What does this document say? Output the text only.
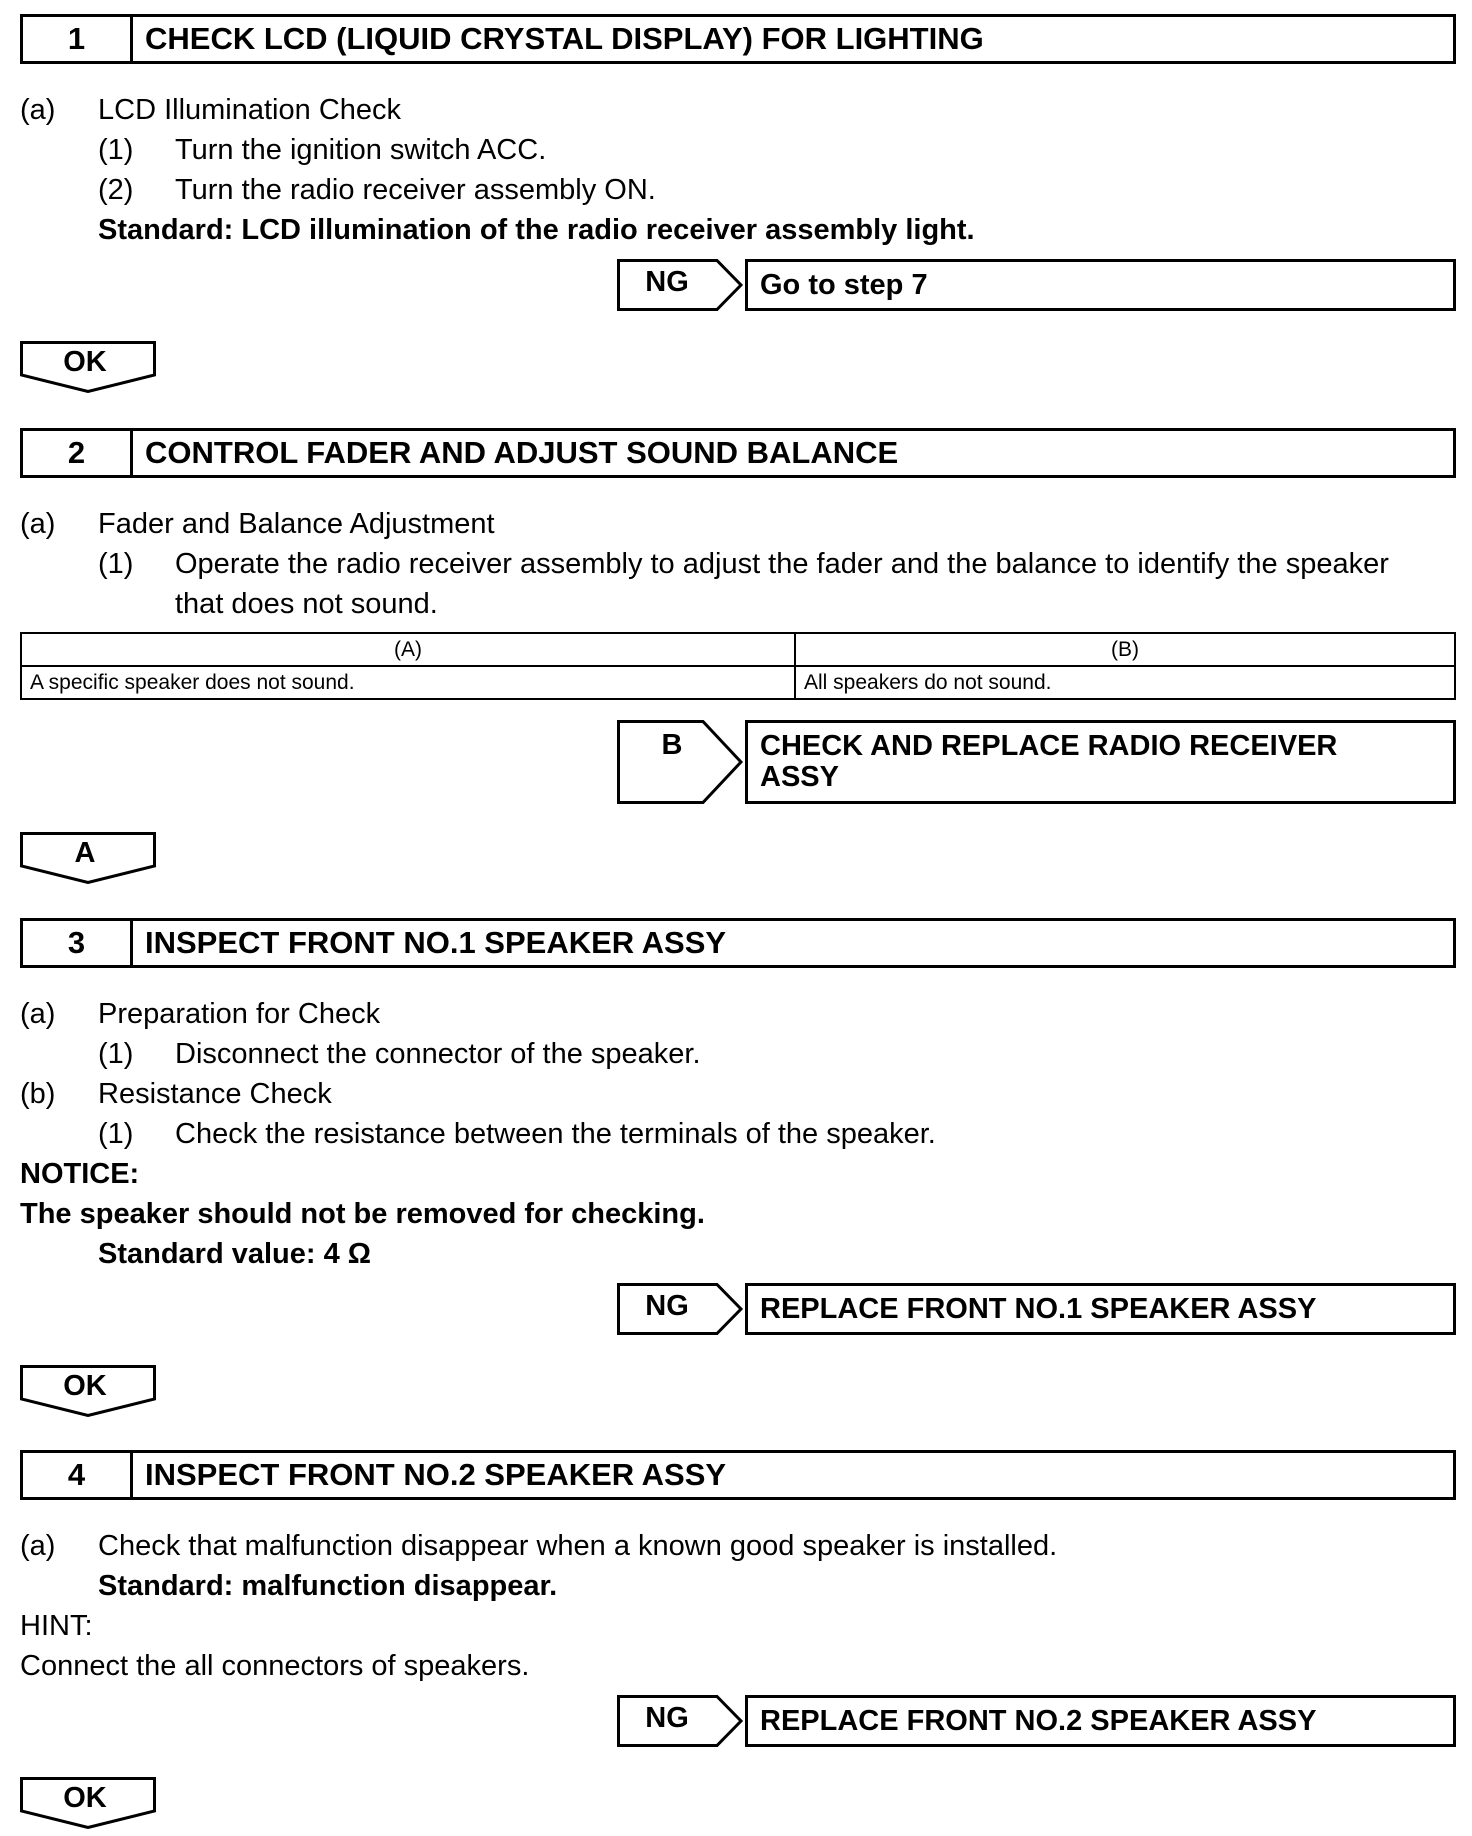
1	CHECK LCD (LIQUID CRYSTAL DISPLAY) FOR LIGHTING
(a) LCD Illumination Check
(1) Turn the ignition switch ACC.
(2) Turn the radio receiver assembly ON.
Standard: LCD illumination of the radio receiver assembly light.
NG	Go to step 7
OK
2	CONTROL FADER AND ADJUST SOUND BALANCE
(a) Fader and Balance Adjustment
(1) Operate the radio receiver assembly to adjust the fader and the balance to identify the speaker
that does not sound.
(A)	(B)
A specific speaker does not sound.	All speakers do not sound.
B	CHECK AND REPLACE RADIO RECEIVER
ASSY
A
3	INSPECT FRONT NO.1 SPEAKER ASSY
(a) Preparation for Check
(1) Disconnect the connector of the speaker.
(b) Resistance Check
(1) Check the resistance between the terminals of the speaker.
NOTICE:
The speaker should not be removed for checking.
Standard value: 4 Ω
NG	REPLACE FRONT NO.1 SPEAKER ASSY
OK
4	INSPECT FRONT NO.2 SPEAKER ASSY
(a) Check that malfunction disappear when a known good speaker is installed.
Standard: malfunction disappear.
HINT:
Connect the all connectors of speakers.
NG	REPLACE FRONT NO.2 SPEAKER ASSY
OK
